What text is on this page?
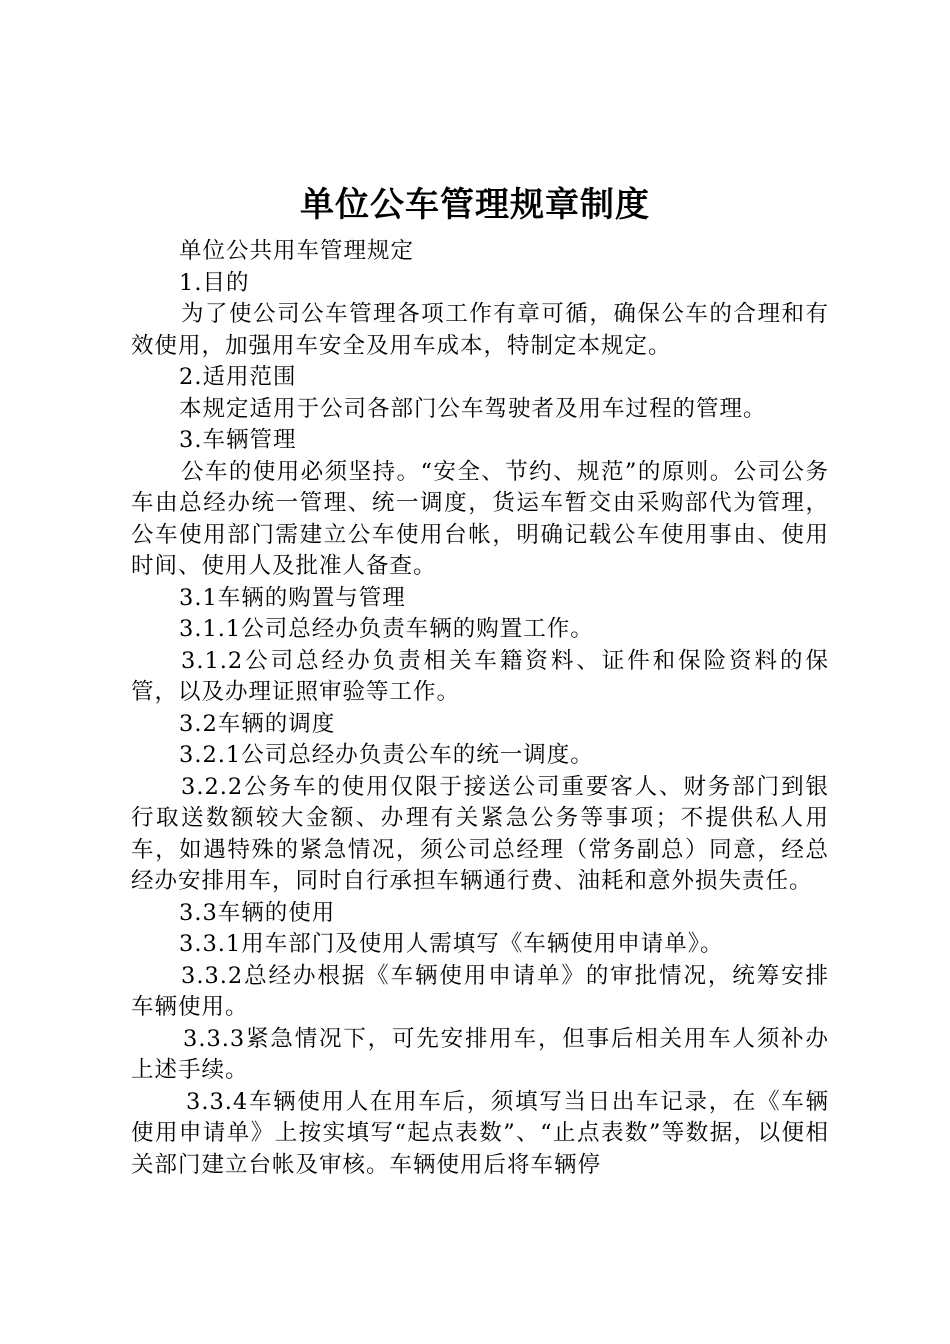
单位公车管理规章制度

单位公共用车管理规定

1.目的

为了使公司公车管理各项工作有章可循，确保公车的合理和有效使用，加强用车安全及用车成本，特制定本规定。

2.适用范围

本规定适用于公司各部门公车驾驶者及用车过程的管理。

3.车辆管理

公车的使用必须坚持。“安全、节约、规范”的原则。公司公务车由总经办统一管理、统一调度，货运车暂交由采购部代为管理，公车使用部门需建立公车使用台帐，明确记载公车使用事由、使用时间、使用人及批准人备查。

3.1车辆的购置与管理

3.1.1公司总经办负责车辆的购置工作。

3.1.2公司总经办负责相关车籍资料、证件和保险资料的保管，以及办理证照审验等工作。

3.2车辆的调度

3.2.1公司总经办负责公车的统一调度。

3.2.2公务车的使用仅限于接送公司重要客人、财务部门到银行取送数额较大金额、办理有关紧急公务等事项；不提供私人用车，如遇特殊的紧急情况，须公司总经理（常务副总）同意，经总经办安排用车，同时自行承担车辆通行费、油耗和意外损失责任。

3.3车辆的使用

3.3.1用车部门及使用人需填写《车辆使用申请单》。

3.3.2总经办根据《车辆使用申请单》的审批情况，统筹安排车辆使用。

3.3.3紧急情况下，可先安排用车，但事后相关用车人须补办上述手续。

3.3.4车辆使用人在用车后，须填写当日出车记录，在《车辆使用申请单》上按实填写“起点表数”、“止点表数”等数据，以便相关部门建立台帐及审核。车辆使用后将车辆停
